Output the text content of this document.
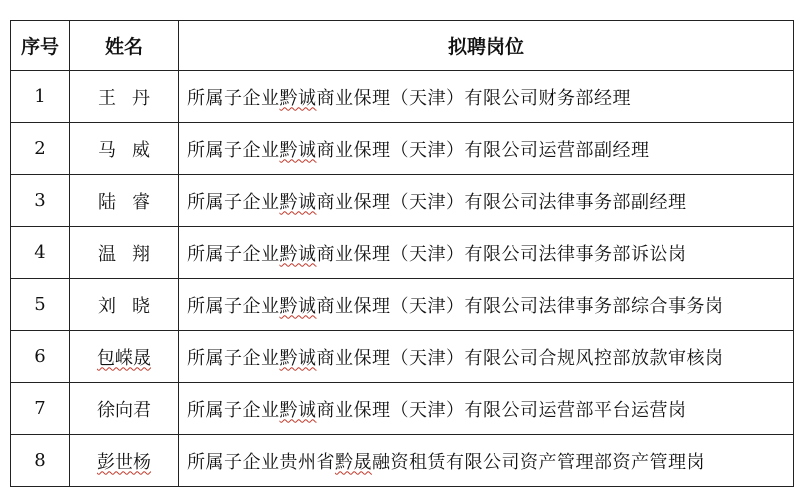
序号	姓名	拟聘岗位
1	王丹	所属子企业黔诚商业保理（天津）有限公司财务部经理
2	马威	所属子企业黔诚商业保理（天津）有限公司运营部副经理
3	陆睿	所属子企业黔诚商业保理（天津）有限公司法律事务部副经理
4	温翔	所属子企业黔诚商业保理（天津）有限公司法律事务部诉讼岗
5	刘晓	所属子企业黔诚商业保理（天津）有限公司法律事务部综合事务岗
6	包嵘晟	所属子企业黔诚商业保理（天津）有限公司合规风控部放款审核岗
7	徐向君	所属子企业黔诚商业保理（天津）有限公司运营部平台运营岗
8	彭世杨	所属子企业贵州省黔晟融资租赁有限公司资产管理部资产管理岗
